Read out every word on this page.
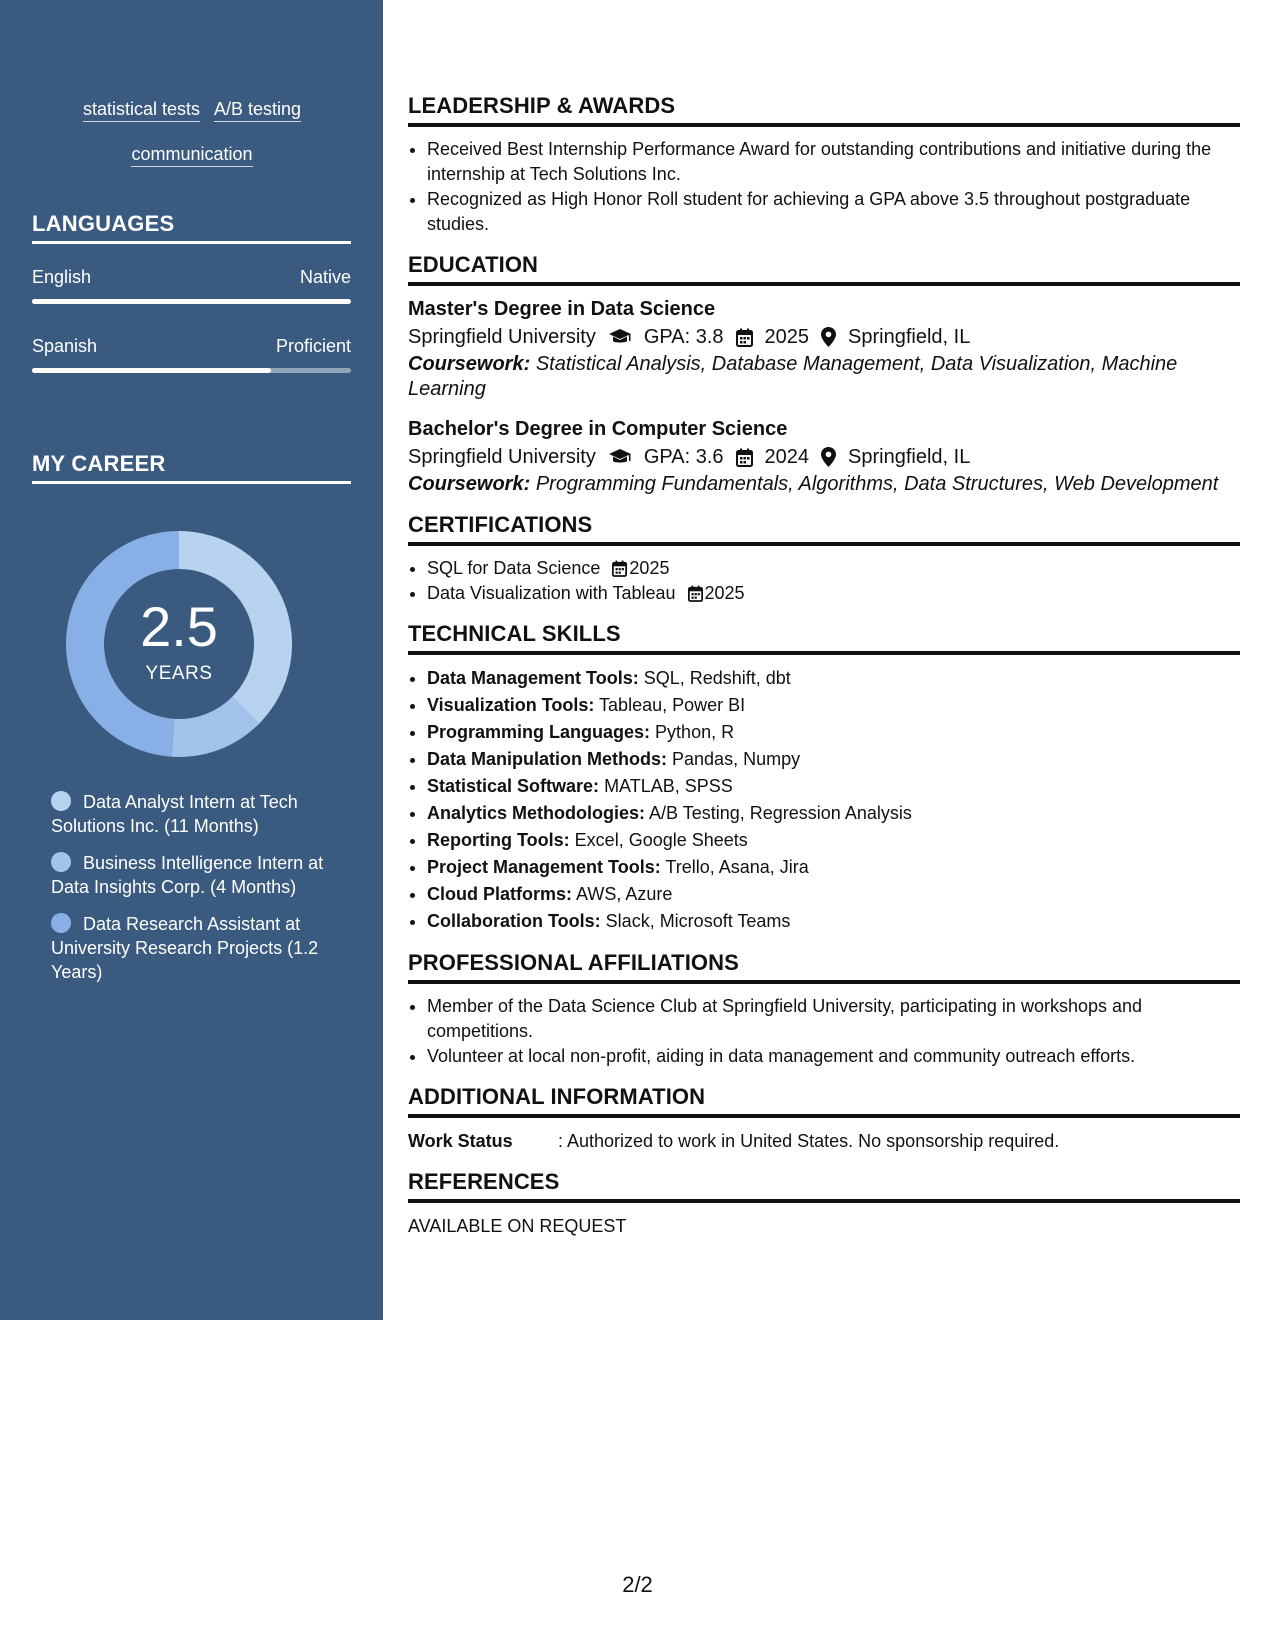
statistical tests A/B testing
communication
LANGUAGES
English	Native
Spanish	Proficient
MY CAREER
2.5
YEARS
Data Analyst Intern at Tech Solutions Inc. (11 Months)
Business Intelligence Intern at Data Insights Corp. (4 Months)
Data Research Assistant at University Research Projects (1.2 Years)
LEADERSHIP & AWARDS
• Received Best Internship Performance Award for outstanding contributions and initiative during the internship at Tech Solutions Inc.
• Recognized as High Honor Roll student for achieving a GPA above 3.5 throughout postgraduate studies.
EDUCATION
Master's Degree in Data Science
Springfield University GPA: 3.8 2025 Springfield, IL
Coursework: Statistical Analysis, Database Management, Data Visualization, Machine Learning
Bachelor's Degree in Computer Science
Springfield University GPA: 3.6 2024 Springfield, IL
Coursework: Programming Fundamentals, Algorithms, Data Structures, Web Development
CERTIFICATIONS
• SQL for Data Science 2025
• Data Visualization with Tableau 2025
TECHNICAL SKILLS
• Data Management Tools: SQL, Redshift, dbt
• Visualization Tools: Tableau, Power BI
• Programming Languages: Python, R
• Data Manipulation Methods: Pandas, Numpy
• Statistical Software: MATLAB, SPSS
• Analytics Methodologies: A/B Testing, Regression Analysis
• Reporting Tools: Excel, Google Sheets
• Project Management Tools: Trello, Asana, Jira
• Cloud Platforms: AWS, Azure
• Collaboration Tools: Slack, Microsoft Teams
PROFESSIONAL AFFILIATIONS
• Member of the Data Science Club at Springfield University, participating in workshops and competitions.
• Volunteer at local non-profit, aiding in data management and community outreach efforts.
ADDITIONAL INFORMATION
Work Status	: Authorized to work in United States. No sponsorship required.
REFERENCES
AVAILABLE ON REQUEST
2/2
